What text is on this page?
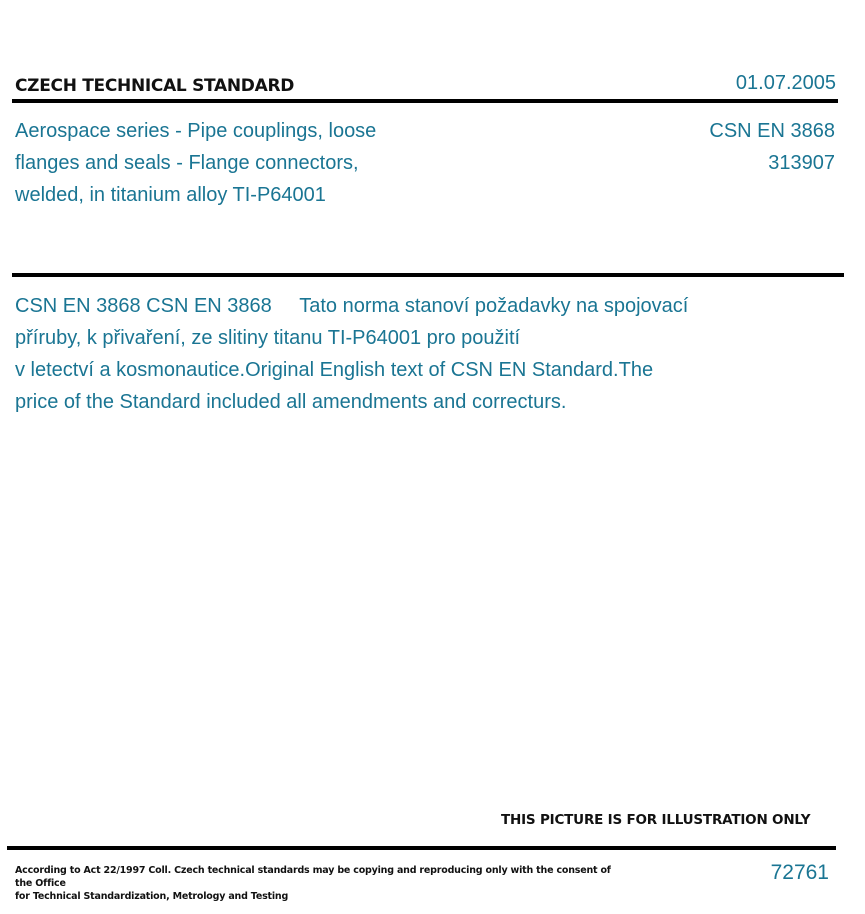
CZECH TECHNICAL STANDARD	01.07.2005
Aerospace series - Pipe couplings, loose
flanges and seals - Flange connectors,
welded, in titanium alloy TI-P64001
CSN EN 3868
313907
CSN EN 3868 CSN EN 3868     Tato norma stanoví požadavky na spojovací
příruby, k přivaření, ze slitiny titanu TI-P64001 pro použití
v letectví a kosmonautice.Original English text of CSN EN Standard.The
price of the Standard included all amendments and correcturs.
THIS PICTURE IS FOR ILLUSTRATION ONLY
According to Act 22/1997 Coll. Czech technical standards may be copying and reproducing only with the consent of the Office
for Technical Standardization, Metrology and Testing
72761
